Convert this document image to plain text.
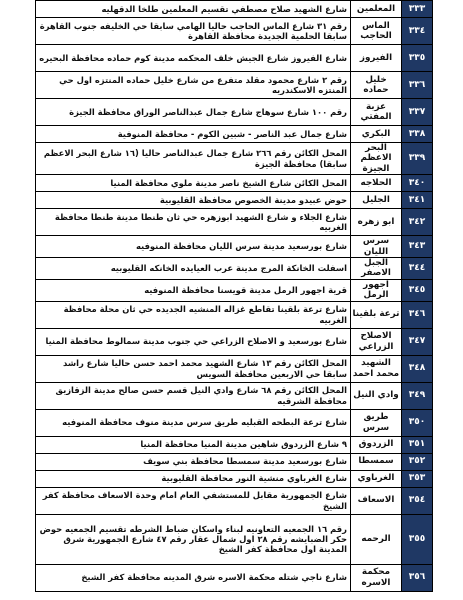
٣٣٣	المعلمين	شارع الشهيد صلاح مصطفي تقسيم المعلمين طلخا الدقهليه
٣٣٤	الماس الحاجب	رقم ٣١ شارع الماس الحاجب حاليا الهامي سابقا حي الخليفه جنوب القاهرة سابقا الحلمية الجديدة محافظة القاهرة
٣٣٥	الفيروز	شارع الفيروز شارع الجيش خلف المحكمه مدينة كوم حماده محافظة البحيره
٣٣٦	خليل حماده	رقم ٢ شارع محمود مقلد متفرع من شارع خليل حماده المنتزه اول حي المنتزه الاسكندريه
٣٣٧	عزبة المفتي	رقم ١٠٠ شارع سوهاج شارع جمال عبدالناصر الوراق محافظة الجيزة
٣٣٨	البكري	شارع جمال عبد الناصر - شبين الكوم - محافظة المنوفية
٣٣٩	البحر الاعظم الجيزة	المحل الكائن رقم ٢٦٦ شارع جمال عبدالناصر حاليا (١٦ شارع البحر الاعظم سابقا) محافظة الجيزة
٣٤٠	الحلاجه	المحل الكائن شارع الشيخ ناصر مدينة ملوي محافظة المنيا
٣٤١	الجليل	حوض عبيدو مدينة الخصوص محافظة القليوبية
٣٤٢	ابو زهره	شارع الجلاء و شارع الشهيد ابوزهره حي ثان طنطا مدينة طنطا محافظة الغربيه
٣٤٣	سرس الليان	شارع بورسعيد مدينة سرس الليان محافظة المنوفيه
٣٤٤	الجبل الاصفر	اسفلت الخانكة المرج مدينة عرب العيايده الخانكه القليوبيه
٣٤٥	اجهور الرمل	قرية اجهور الرمل مدينة قويسنا محافظة المنوفيه
٣٤٦	ترعة بلقينا	شارع ترعة بلقينا تقاطع غزاله المنشيه الجديده حي ثان محلة محافظة الغربيه
٣٤٧	الاصلاح الزراعي	شارع بورسعيد و الاصلاح الزراعي حي جنوب مدينة سمالوط محافظة المنيا
٣٤٨	الشهيد محمد احمد	المحل الكائن رقم ١٣ شارع الشهيد محمد احمد حسن حاليا شارع راشد سابقا حي الاربعين محافظة السويس
٣٤٩	وادي النيل	المحل الكائن رقم ٦٨ شارع وادي النيل قسم حسن صالح مدينة الزقازيق محافظة الشرقيه
٣٥٠	طريق سرس	شارع ترعة البطحه القبليه طريق سرس مدينة منوف محافظة المنوفيه
٣٥١	الزردوق	٩ شارع الزردوق شاهين مدينة المنيا محافظة المنيا
٣٥٢	سمسطا	شارع بورسعيد مدينة سمسطا محافظة بني سويف
٣٥٣	الغرباوي	شارع الغرباوي منشية النور محافظة القليوبية
٣٥٤	الاسعاف	شارع الجمهورية مقابل للمستشفي العام امام وحدة الاسعاف محافظة كفر الشيخ
٣٥٥	الرحمه	رقم ١٦ الجمعيه التعاونيه لبناء واسكان ضباط الشرطه تقسيم الجمعيه حوض حكر الضبايشه رقم ٢٨ اول شمال عقار رقم ٤٧ شارع الجمهورية شرق المدينة اول محافظة كفر الشيخ
٣٥٦	محكمة الاسره	شارع ناجي شتله محكمة الاسره شرق المدينه محافظة كفر الشيخ
